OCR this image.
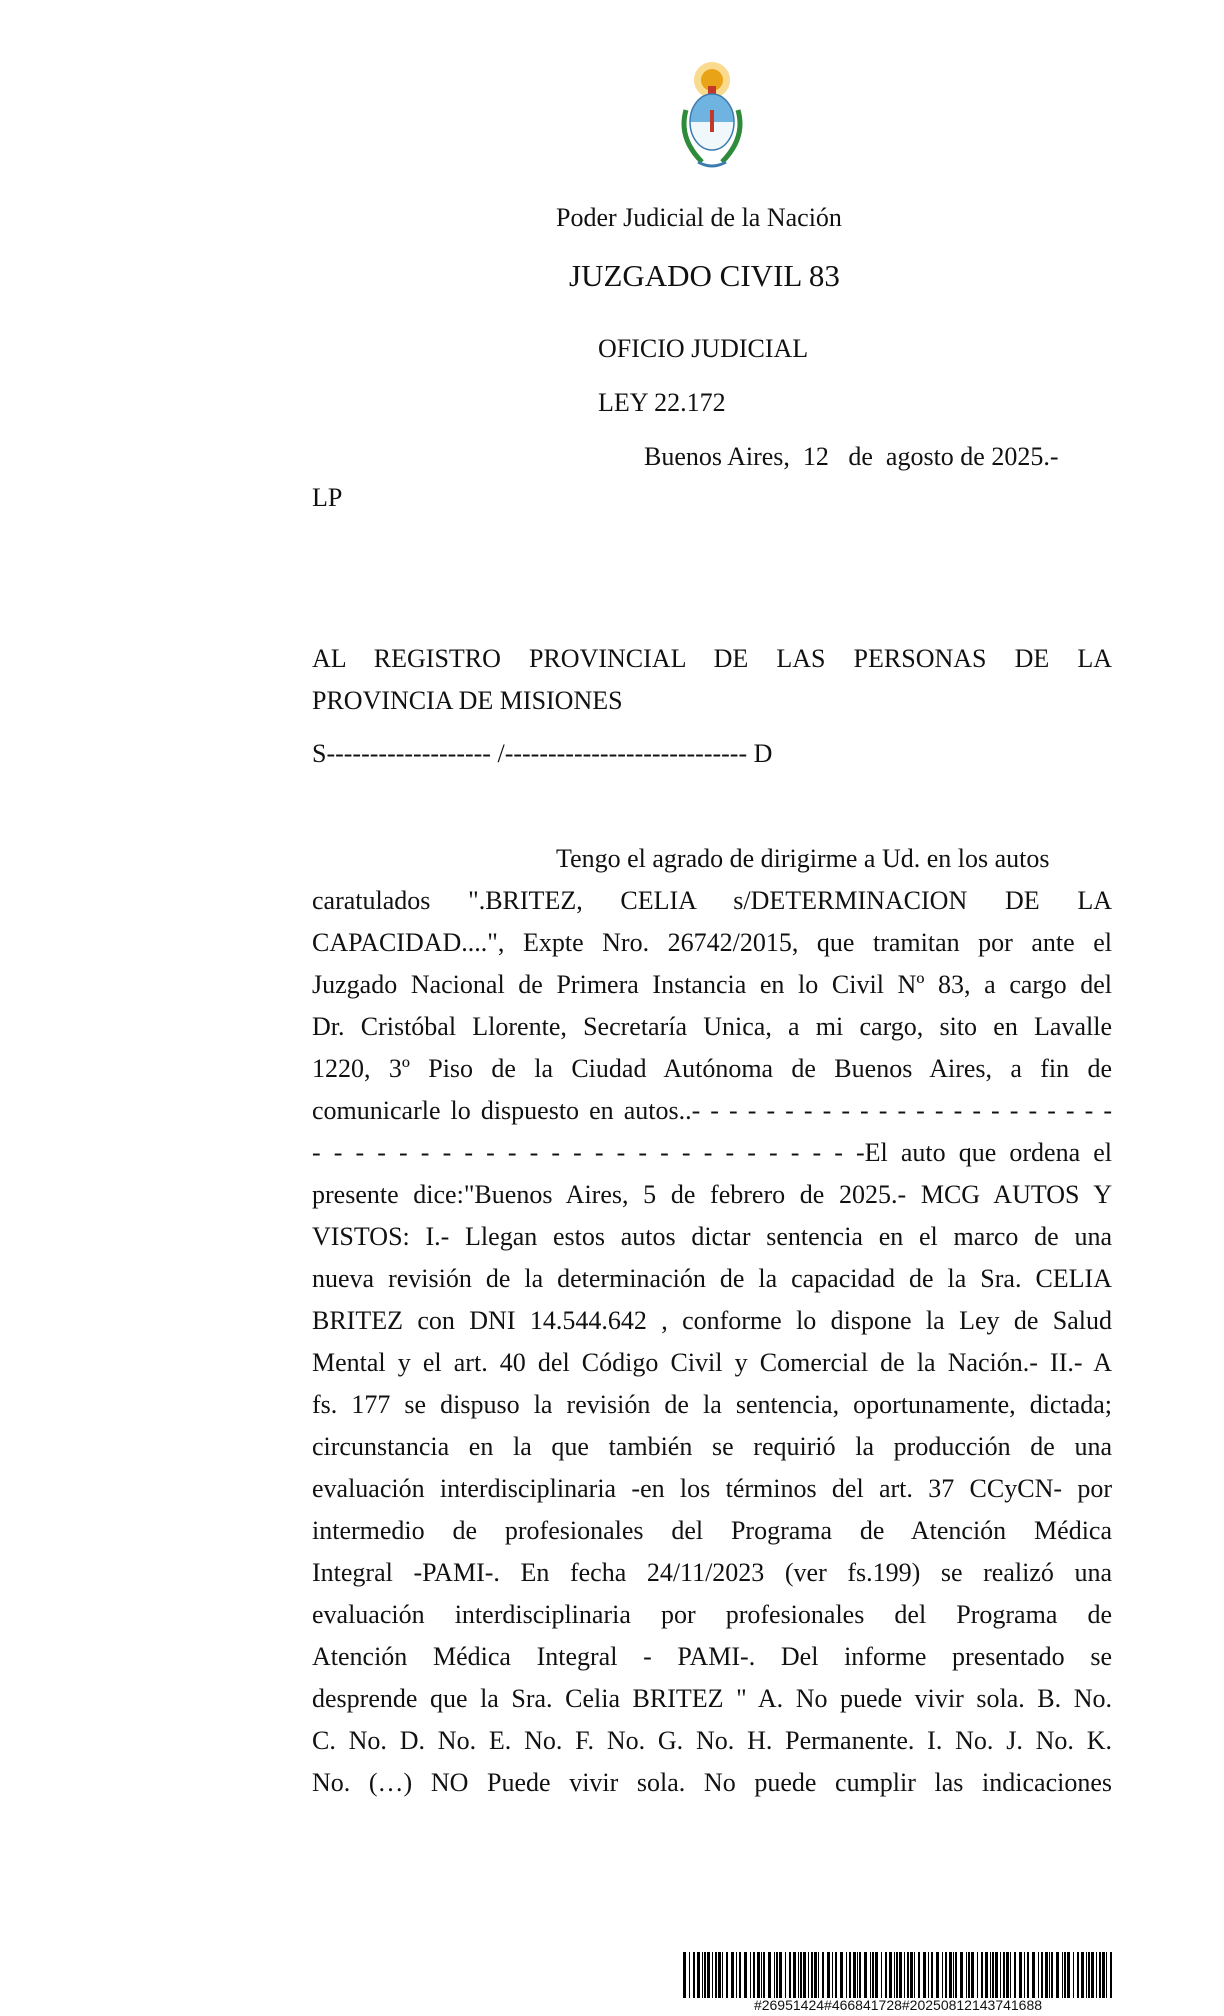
Poder Judicial de la Nación
JUZGADO CIVIL 83
OFICIO JUDICIAL
LEY 22.172
Buenos Aires,  12   de  agosto de 2025.-
LP
AL REGISTRO PROVINCIAL DE LAS PERSONAS DE LA
PROVINCIA DE MISIONES
S------------------- /---------------------------- D
Tengo el agrado de dirigirme a Ud. en los autos
caratulados ".BRITEZ, CELIA s/DETERMINACION DE LA
CAPACIDAD....", Expte Nro. 26742/2015, que tramitan por ante el
Juzgado Nacional de Primera Instancia en lo Civil Nº 83, a cargo del
Dr. Cristóbal Llorente, Secretaría Unica, a mi cargo, sito en Lavalle
1220, 3º Piso de la Ciudad Autónoma de Buenos Aires, a fin de
comunicarle lo dispuesto en autos..- - - - - - - - - - - - - - - - - - - - - - -
- - - - - - - - - - - - - - - - - - - - - - - - - -El auto que ordena el
presente dice:"Buenos Aires, 5 de febrero de 2025.- MCG AUTOS Y
VISTOS: I.- Llegan estos autos dictar sentencia en el marco de una
nueva revisión de la determinación de la capacidad de la Sra. CELIA
BRITEZ con DNI 14.544.642 , conforme lo dispone la Ley de Salud
Mental y el art. 40 del Código Civil y Comercial de la Nación.- II.- A
fs. 177 se dispuso la revisión de la sentencia, oportunamente, dictada;
circunstancia en la que también se requirió la producción de una
evaluación interdisciplinaria -en los términos del art. 37 CCyCN- por
intermedio de profesionales del Programa de Atención Médica
Integral -PAMI-. En fecha 24/11/2023 (ver fs.199) se realizó una
evaluación interdisciplinaria por profesionales del Programa de
Atención Médica Integral - PAMI-. Del informe presentado se
desprende que la Sra. Celia BRITEZ " A. No puede vivir sola. B. No.
C. No. D. No. E. No. F. No. G. No. H. Permanente. I. No. J. No. K.
No. (…) NO Puede vivir sola. No puede cumplir las indicaciones
#26951424#466841728#20250812143741688
